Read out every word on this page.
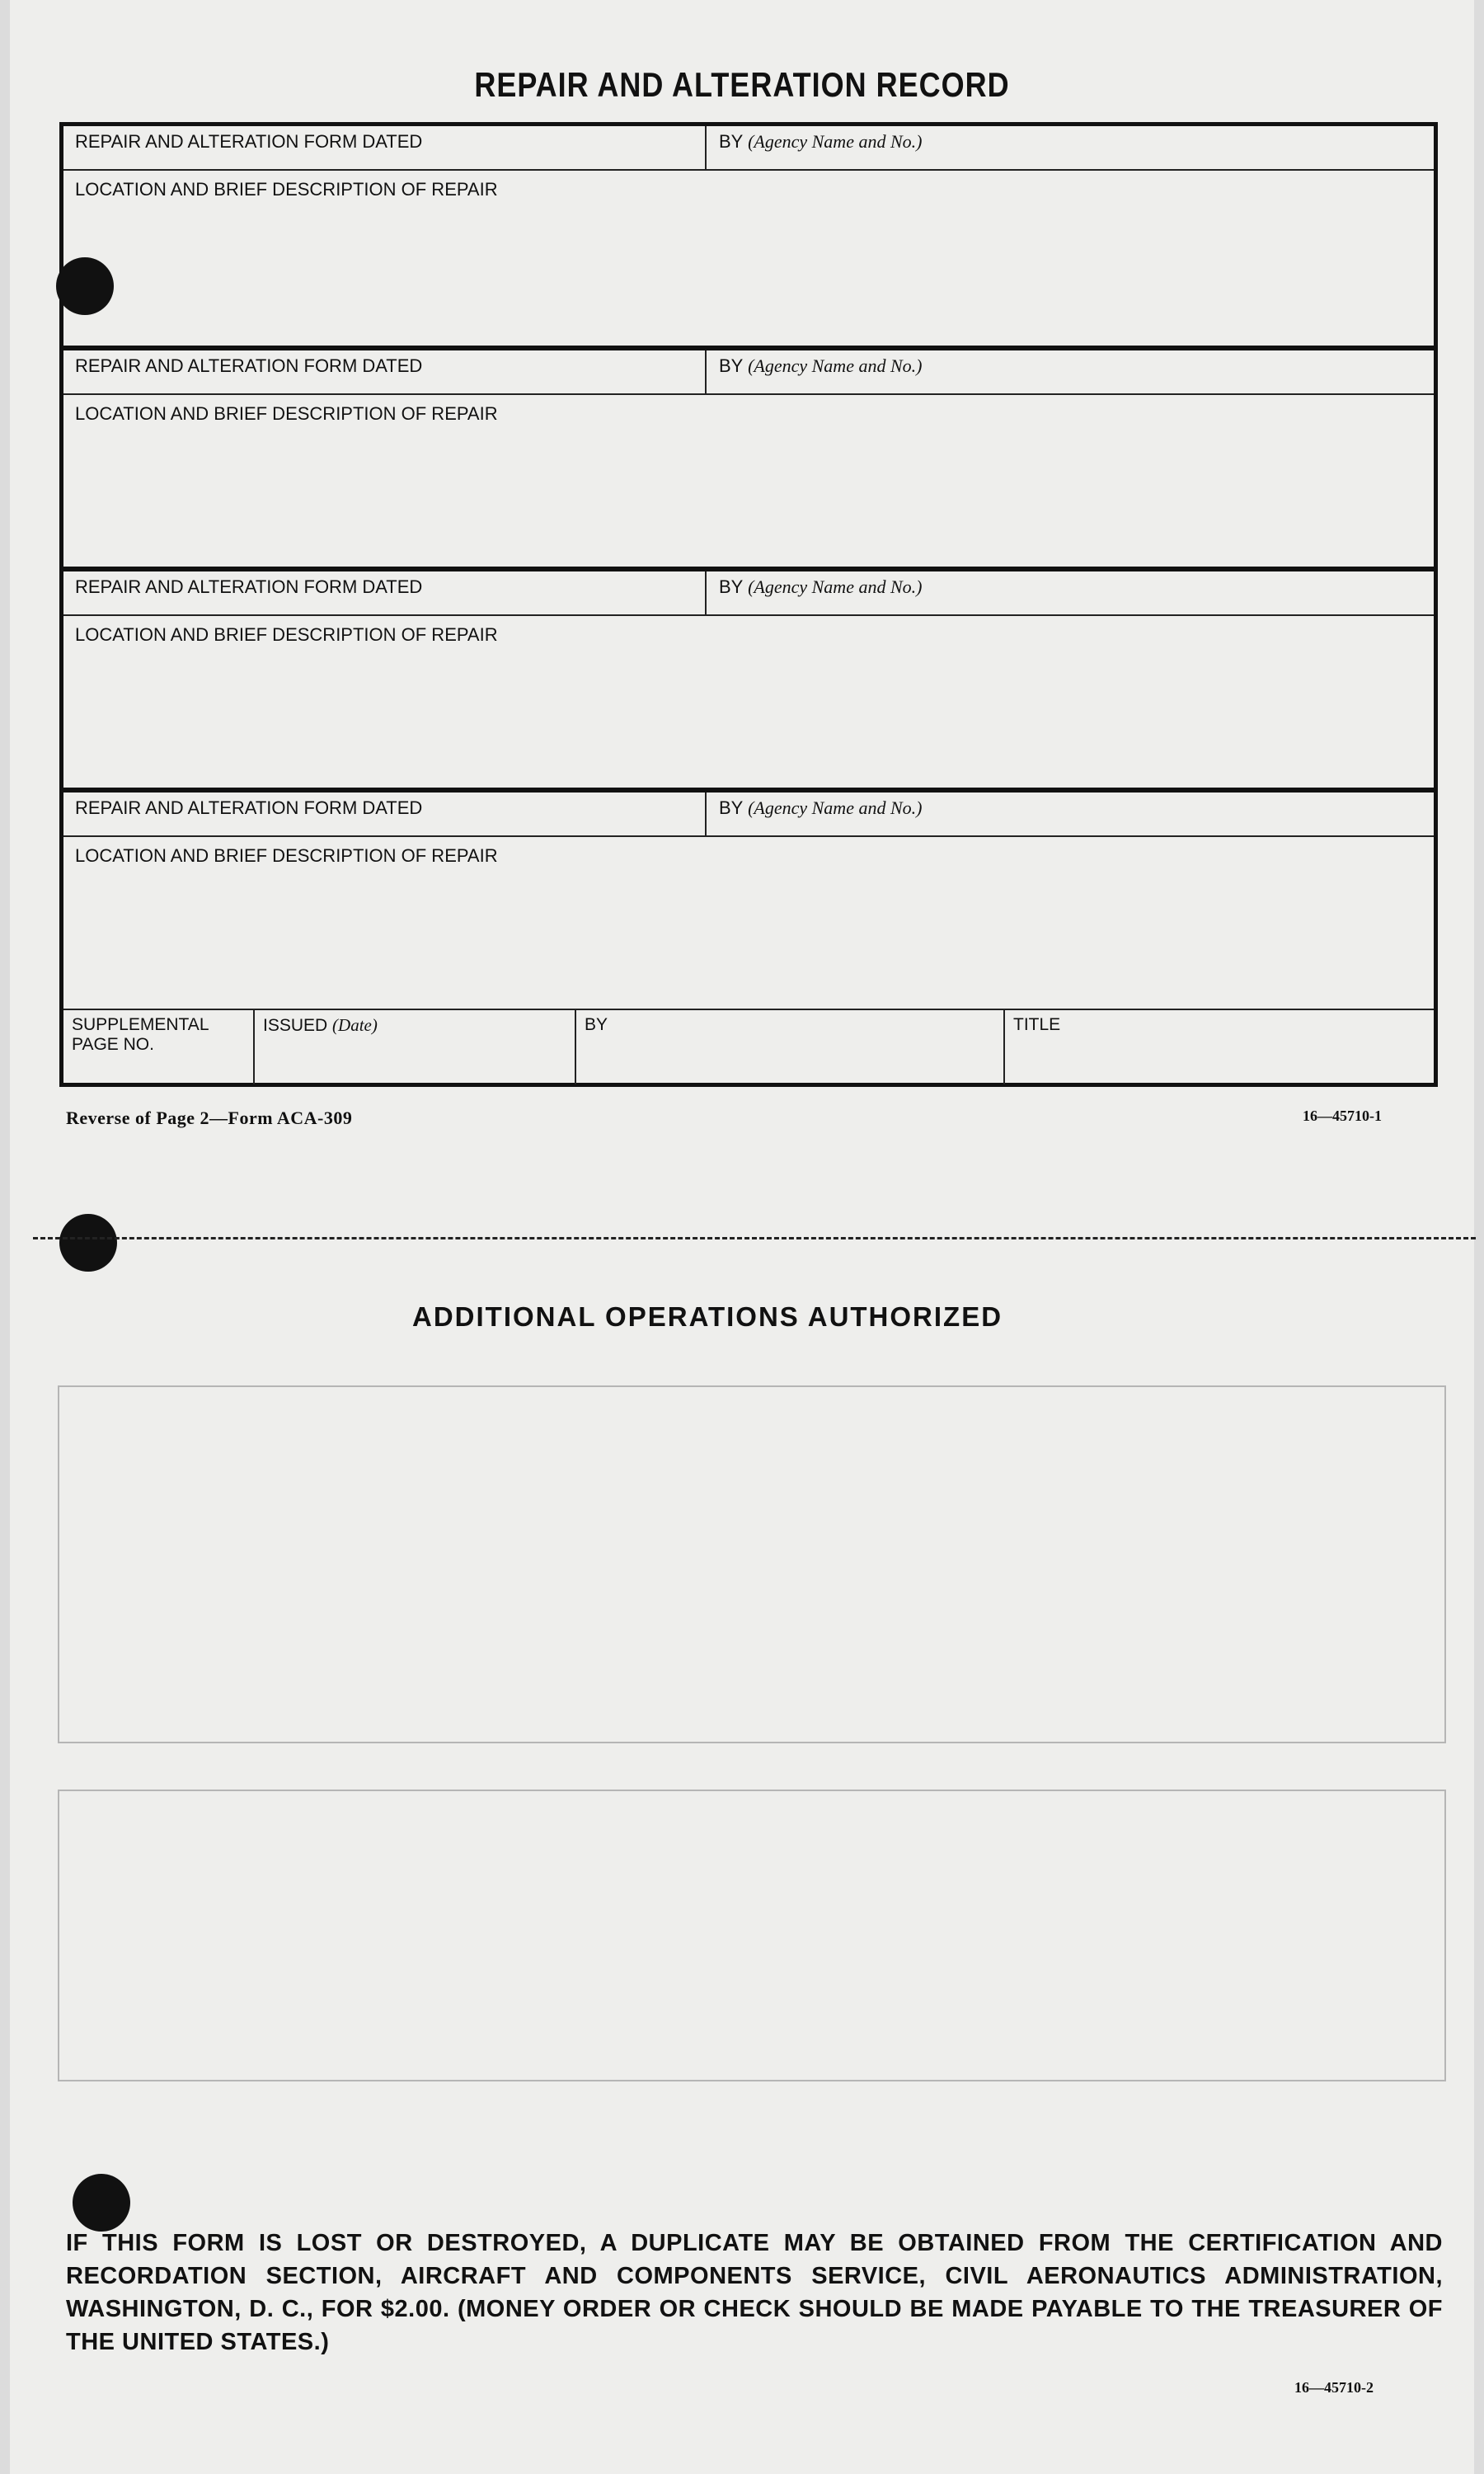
REPAIR AND ALTERATION RECORD
REPAIR AND ALTERATION FORM DATED	BY (Agency Name and No.)
LOCATION AND BRIEF DESCRIPTION OF REPAIR
REPAIR AND ALTERATION FORM DATED	BY (Agency Name and No.)
LOCATION AND BRIEF DESCRIPTION OF REPAIR
REPAIR AND ALTERATION FORM DATED	BY (Agency Name and No.)
LOCATION AND BRIEF DESCRIPTION OF REPAIR
REPAIR AND ALTERATION FORM DATED	BY (Agency Name and No.)
LOCATION AND BRIEF DESCRIPTION OF REPAIR
SUPPLEMENTAL
PAGE NO.
ISSUED (Date)	BY	TITLE
Reverse of Page 2—Form ACA-309	16—45710-1
ADDITIONAL OPERATIONS AUTHORIZED
IF THIS FORM IS LOST OR DESTROYED, A DUPLICATE MAY BE OBTAINED FROM THE CERTIFICATION AND RECORDATION SECTION, AIRCRAFT AND COMPONENTS SERVICE, CIVIL AERONAUTICS ADMINISTRATION, WASHINGTON, D. C., FOR $2.00. (MONEY ORDER OR CHECK SHOULD BE MADE PAYABLE TO THE TREASURER OF THE UNITED STATES.)
16—45710-2
